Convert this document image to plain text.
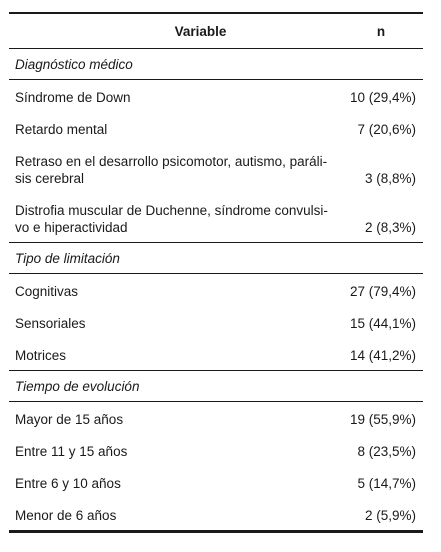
Variable	n
Diagnóstico médico
Síndrome de Down	10 (29,4%)
Retardo mental	7 (20,6%)
Retraso en el desarrollo psicomotor, autismo, parálі-
sis cerebral	3 (8,8%)
Distrofia muscular de Duchenne, síndrome convulsi-
vo e hiperactividad	2 (8,3%)
Tipo de limitación
Cognitivas	27 (79,4%)
Sensoriales	15 (44,1%)
Motrices	14 (41,2%)
Tiempo de evolución
Mayor de 15 años	19 (55,9%)
Entre 11 y 15 años	8 (23,5%)
Entre 6 y 10 años	5 (14,7%)
Menor de 6 años	2 (5,9%)
